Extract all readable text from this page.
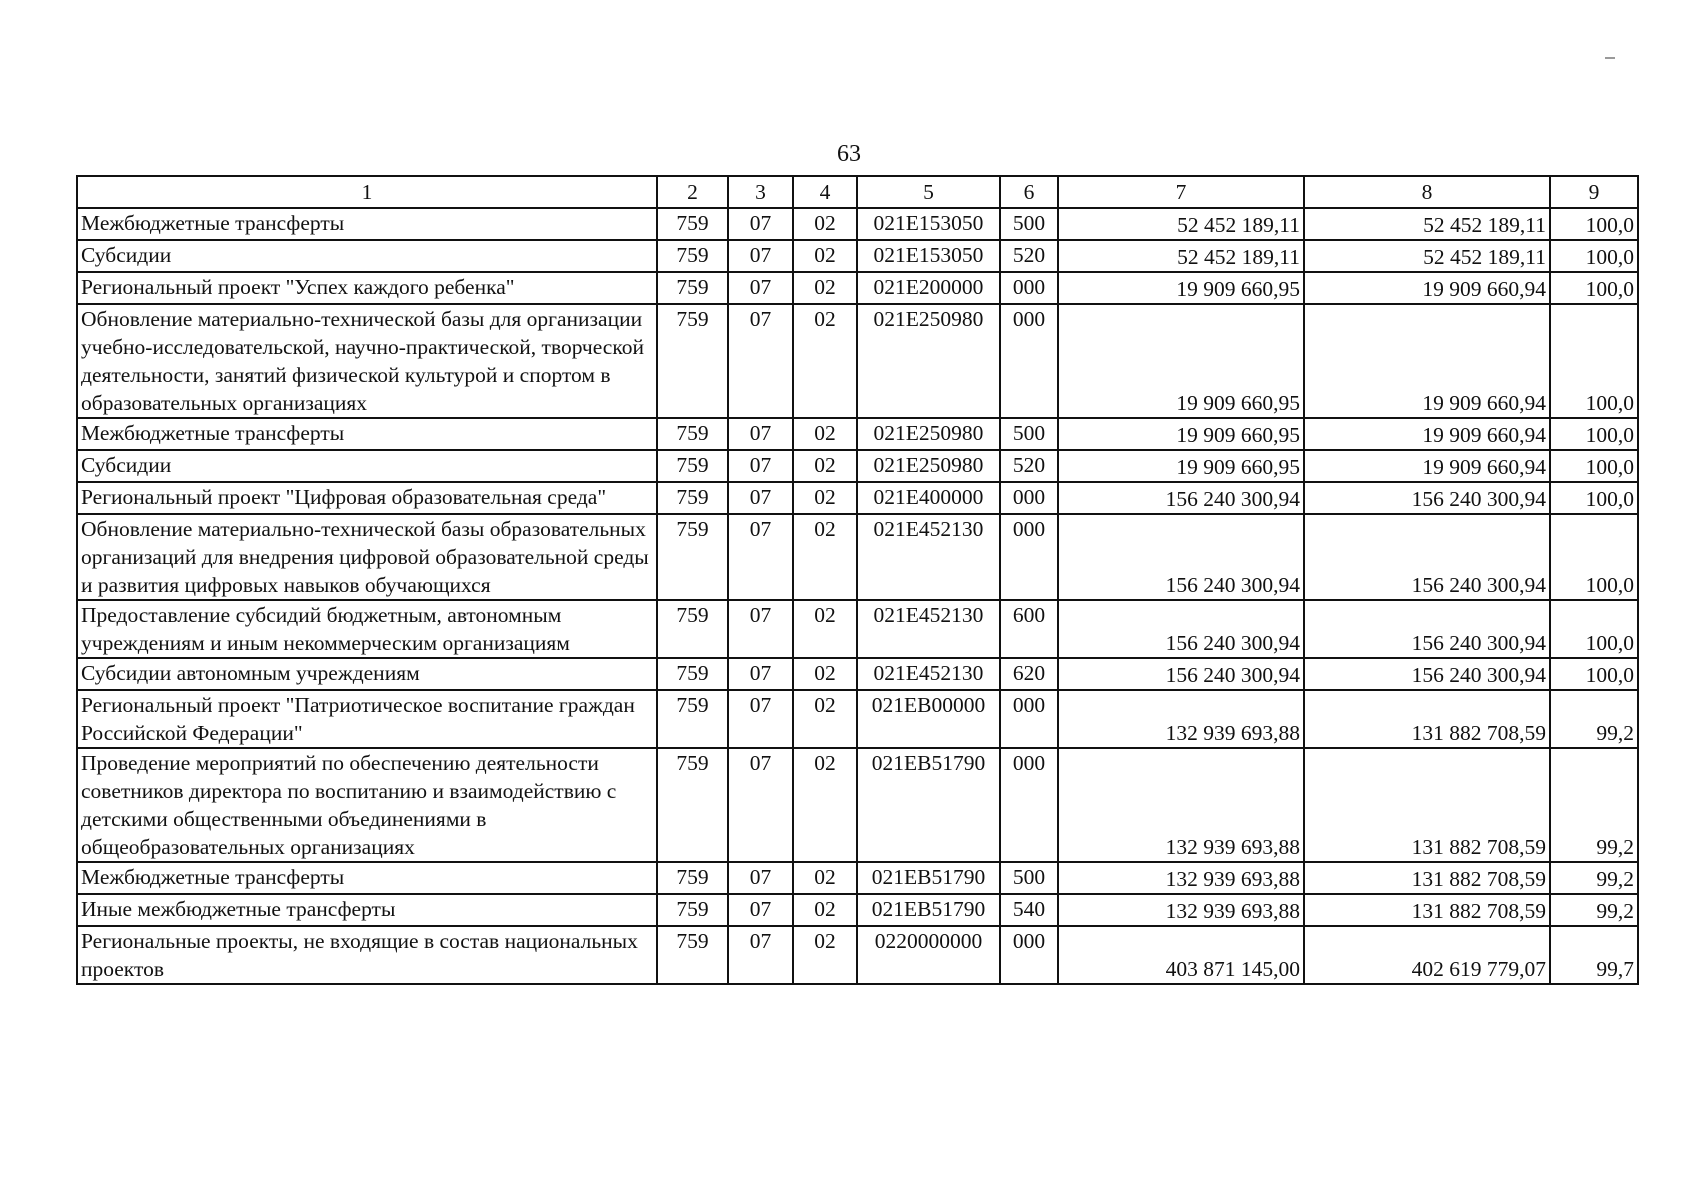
63
1	2	3	4	5	6	7	8	9
Межбюджетные трансферты	759	07	02	021E153050	500	52 452 189,11	52 452 189,11	100,0
Субсидии	759	07	02	021E153050	520	52 452 189,11	52 452 189,11	100,0
Региональный проект "Успех каждого ребенка"	759	07	02	021E200000	000	19 909 660,95	19 909 660,94	100,0
Обновление материально-технической базы для организации учебно-исследовательской, научно-практической, творческой деятельности, занятий физической культурой и спортом в образовательных организациях	759	07	02	021E250980	000	19 909 660,95	19 909 660,94	100,0
Межбюджетные трансферты	759	07	02	021E250980	500	19 909 660,95	19 909 660,94	100,0
Субсидии	759	07	02	021E250980	520	19 909 660,95	19 909 660,94	100,0
Региональный проект "Цифровая образовательная среда"	759	07	02	021E400000	000	156 240 300,94	156 240 300,94	100,0
Обновление материально-технической базы образовательных организаций для внедрения цифровой образовательной среды и развития цифровых навыков обучающихся	759	07	02	021E452130	000	156 240 300,94	156 240 300,94	100,0
Предоставление субсидий бюджетным, автономным учреждениям и иным некоммерческим организациям	759	07	02	021E452130	600	156 240 300,94	156 240 300,94	100,0
Субсидии автономным учреждениям	759	07	02	021E452130	620	156 240 300,94	156 240 300,94	100,0
Региональный проект "Патриотическое воспитание граждан Российской Федерации"	759	07	02	021EB00000	000	132 939 693,88	131 882 708,59	99,2
Проведение мероприятий по обеспечению деятельности советников директора по воспитанию и взаимодействию с детскими общественными объединениями в общеобразовательных организациях	759	07	02	021EB51790	000	132 939 693,88	131 882 708,59	99,2
Межбюджетные трансферты	759	07	02	021EB51790	500	132 939 693,88	131 882 708,59	99,2
Иные межбюджетные трансферты	759	07	02	021EB51790	540	132 939 693,88	131 882 708,59	99,2
Региональные проекты, не входящие в состав национальных проектов	759	07	02	0220000000	000	403 871 145,00	402 619 779,07	99,7
